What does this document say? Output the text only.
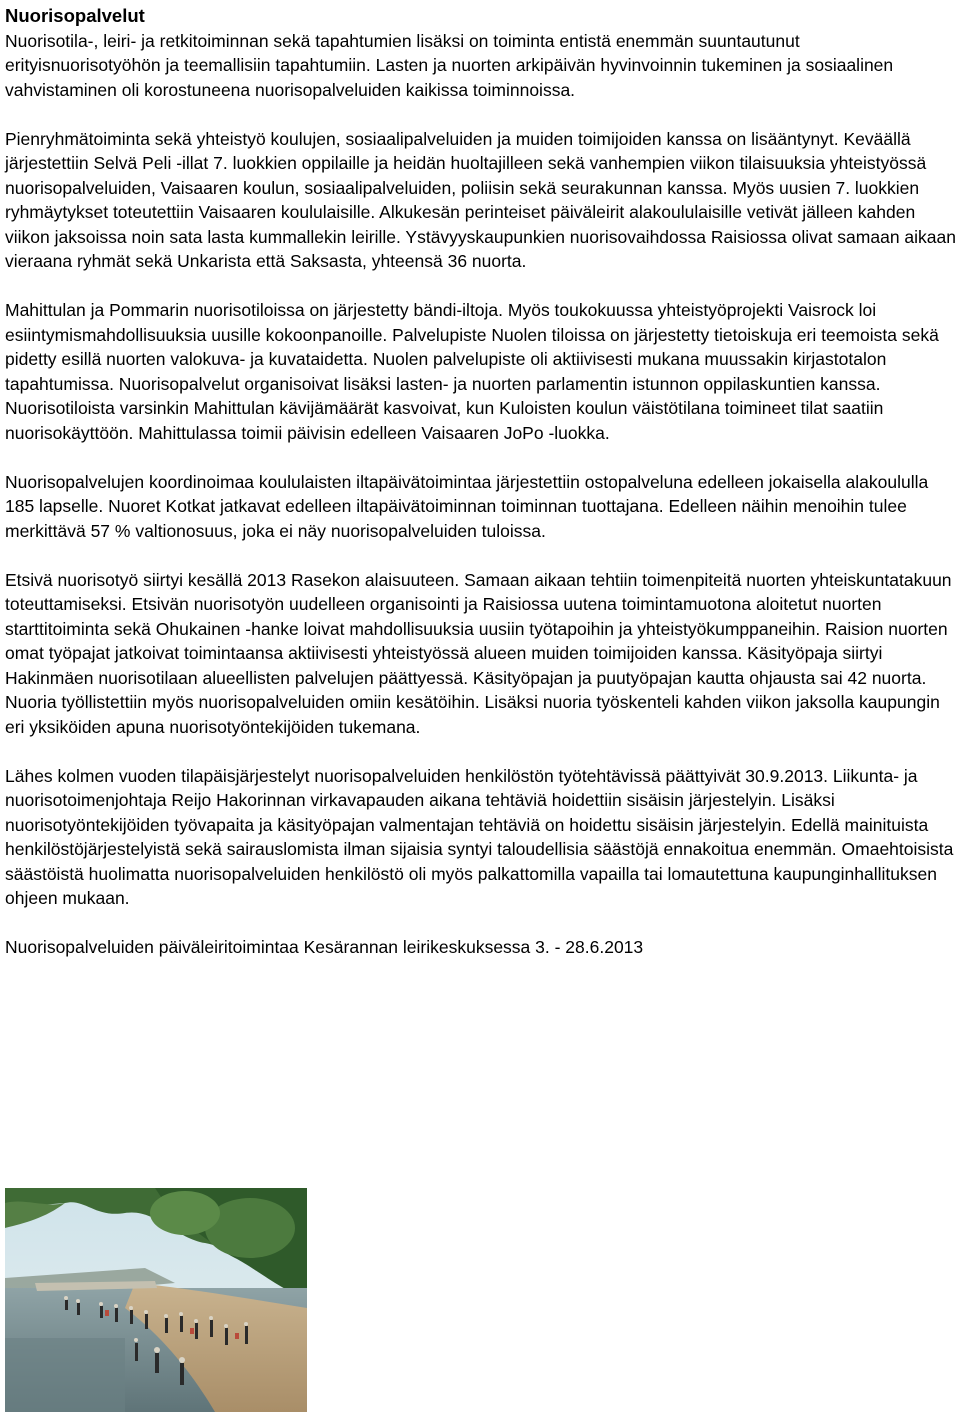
Nuorisopalvelut

Nuorisotila-, leiri- ja retkitoiminnan sekä tapahtumien lisäksi on toiminta entistä enemmän suuntautunut erityisnuorisotyöhön ja teemallisiin tapahtumiin. Lasten ja nuorten arkipäivän hyvinvoinnin tukeminen ja sosiaalinen vahvistaminen oli korostuneena nuorisopalveluiden kaikissa toiminnoissa.

Pienryhmätoiminta sekä yhteistyö koulujen, sosiaalipalveluiden ja muiden toimijoiden kanssa on lisääntynyt. Keväällä järjestettiin Selvä Peli -illat 7. luokkien oppilaille ja heidän huoltajilleen sekä vanhempien viikon tilaisuuksia yhteistyössä nuorisopalveluiden, Vaisaaren koulun, sosiaalipalveluiden, poliisin sekä seurakunnan kanssa. Myös uusien 7. luokkien ryhmäytykset toteutettiin Vaisaaren koululaisille. Alkukesän perinteiset päiväleirit alakoululaisille vetivät jälleen kahden viikon jaksoissa noin sata lasta kummallekin leirille. Ystävyyskaupunkien nuorisovaihdossa Raisiossa olivat samaan aikaan vieraana ryhmät sekä Unkarista että Saksasta, yhteensä 36 nuorta.

Mahittulan ja Pommarin nuorisotiloissa on järjestetty bändi-iltoja. Myös toukokuussa yhteistyöprojekti Vaisrock loi esiintymismahdollisuuksia uusille kokoonpanoille. Palvelupiste Nuolen tiloissa on järjestetty tietoiskuja eri teemoista sekä pidetty esillä nuorten valokuva- ja kuvataidetta. Nuolen palvelupiste oli aktiivisesti mukana muussakin kirjastotalon tapahtumissa. Nuorisopalvelut organisoivat lisäksi lasten- ja nuorten parlamentin istunnon oppilaskuntien kanssa. Nuorisotiloista varsinkin Mahittulan kävijämäärät kasvoivat, kun Kuloisten koulun väistötilana toimineet tilat saatiin nuorisokäyttöön. Mahittulassa toimii päivisin edelleen Vaisaaren JoPo -luokka.

Nuorisopalvelujen koordinoimaa koululaisten iltapäivätoimintaa järjestettiin ostopalveluna edelleen jokaisella alakoululla 185 lapselle. Nuoret Kotkat jatkavat edelleen iltapäivätoiminnan toiminnan tuottajana. Edelleen näihin menoihin tulee merkittävä 57 % valtionosuus, joka ei näy nuorisopalveluiden tuloissa.

Etsivä nuorisotyö siirtyi kesällä 2013 Rasekon alaisuuteen. Samaan aikaan tehtiin toimenpiteitä nuorten yhteiskuntatakuun toteuttamiseksi. Etsivän nuorisotyön uudelleen organisointi ja Raisiossa uutena toimintamuotona aloitetut nuorten starttitoiminta sekä Ohukainen -hanke loivat mahdollisuuksia uusiin työtapoihin ja yhteistyökumppaneihin. Raision nuorten omat työpajat jatkoivat toimintaansa aktiivisesti yhteistyössä alueen muiden toimijoiden kanssa. Käsityöpaja siirtyi Hakinmäen nuorisotilaan alueellisten palvelujen päättyessä. Käsityöpajan ja puutyöpajan kautta ohjausta sai 42 nuorta. Nuoria työllistettiin myös nuorisopalveluiden omiin kesätöihin. Lisäksi nuoria työskenteli kahden viikon jaksolla kaupungin eri yksiköiden apuna nuorisotyöntekijöiden tukemana.

Lähes kolmen vuoden tilapäisjärjestelyt nuorisopalveluiden henkilöstön työtehtävissä päättyivät 30.9.2013. Liikunta- ja nuorisotoimenjohtaja Reijo Hakorinnan virkavapauden aikana tehtäviä hoidettiin sisäisin järjestelyin. Lisäksi nuorisotyöntekijöiden työvapaita ja käsityöpajan valmentajan tehtäviä on hoidettu sisäisin järjestelyin. Edellä mainituista henkilöstöjärjestelyistä sekä sairauslomista ilman sijaisia syntyi taloudellisia säästöjä ennakoitua enemmän. Omaehtoisista säästöistä huolimatta nuorisopalveluiden henkilöstö oli myös palkattomilla vapailla tai lomautettuna kaupunginhallituksen ohjeen mukaan.

Nuorisopalveluiden päiväleiritoimintaa Kesärannan leirikeskuksessa 3. - 28.6.2013
